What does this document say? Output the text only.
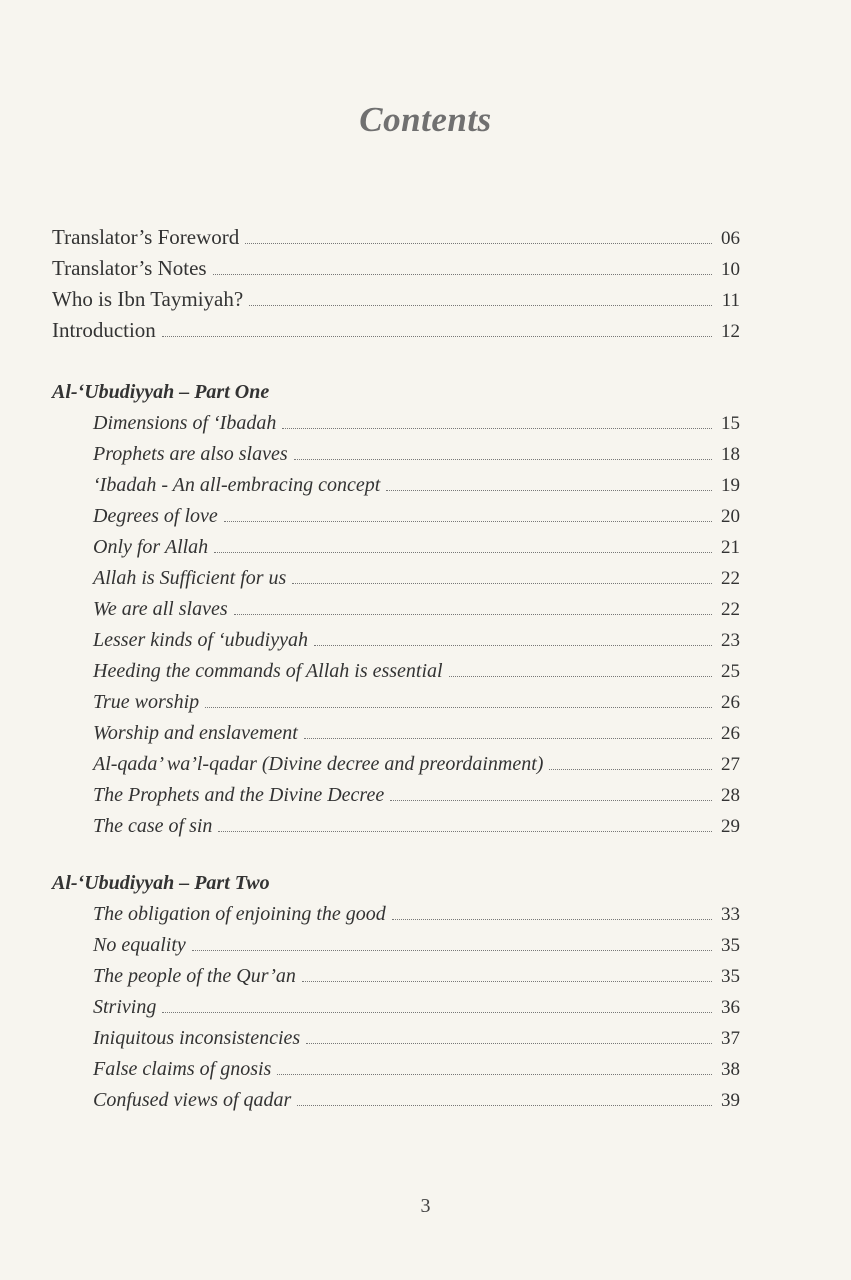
Contents
Translator’s Foreword	06
Translator’s Notes	10
Who is Ibn Taymiyah?	11
Introduction	12
Al-‘Ubudiyyah – Part One
Dimensions of ‘Ibadah	15
Prophets are also slaves	18
‘Ibadah - An all-embracing concept	19
Degrees of love	20
Only for Allah	21
Allah is Sufficient for us	22
We are all slaves	22
Lesser kinds of ‘ubudiyyah	23
Heeding the commands of Allah is essential	25
True worship	26
Worship and enslavement	26
Al-qada’ wa’l-qadar (Divine decree and preordainment)	27
The Prophets and the Divine Decree	28
The case of sin	29
Al-‘Ubudiyyah – Part Two
The obligation of enjoining the good	33
No equality	35
The people of the Qur’an	35
Striving	36
Iniquitous inconsistencies	37
False claims of gnosis	38
Confused views of qadar	39
3
